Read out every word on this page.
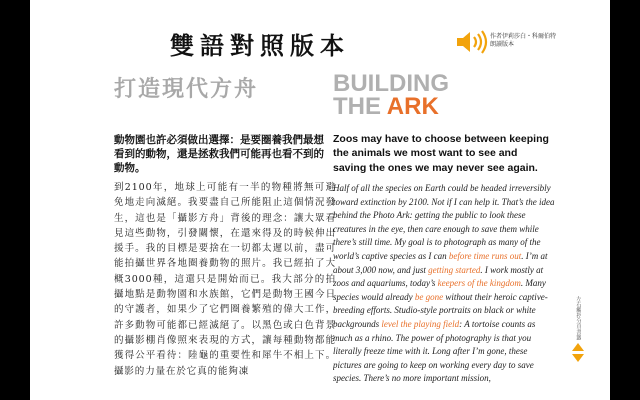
雙語對照版本	作者伊莉莎白・科爾伯特
朗讀版本
打造現代方舟	BUILDING
THE ARK
動物園也許必須做出選擇：是要圈養我們最想看到的動物，還是拯救我們可能再也看不到的動物。
到2100年，地球上可能有一半的物種將無可避免地走向滅絕。我要盡自己所能阻止這個情況發生，這也是「攝影方舟」背後的理念：讓大眾看見這些動物，引發關懷，在還來得及的時候伸出援手。我的目標是要捨在一切都太遲以前，盡可能拍攝世界各地圈養動物的照片。我已經拍了大概3000種，這還只是開始而已。我大部分的拍攝地點是動物園和水族館，它們是動物王國今日的守護者，如果少了它們圈養繁殖的偉大工作，許多動物可能都已經滅絕了。以黑色或白色背景的攝影棚肖像照來表現的方式，讓每種動物都能獲得公平看待：陸龜的重要性和犀牛不相上下。攝影的力量在於它真的能夠凍
Zoos may have to choose between keeping the animals we most want to see and saving the ones we may never see again.
Half of all the species on Earth could be headed irreversibly toward extinction by 2100. Not if I can help it. That’s the idea behind the Photo Ark: getting the public to look these creatures in the eye, then care enough to save them while there’s still time. My goal is to photograph as many of the world’s captive species as I can before time runs out. I’m at about 3,000 now, and just getting started. I work mostly at zoos and aquariums, today’s keepers of the kingdom. Many species would already be gone without their heroic captive-breeding efforts. Studio-style portraits on black or white backgrounds level the playing field: A tortoise counts as much as a rhino. The power of photography is that you literally freeze time with it. Long after I’m gone, these pictures are going to keep on working every day to save species. There’s no more important mission,
左右觸控分頁書籤
